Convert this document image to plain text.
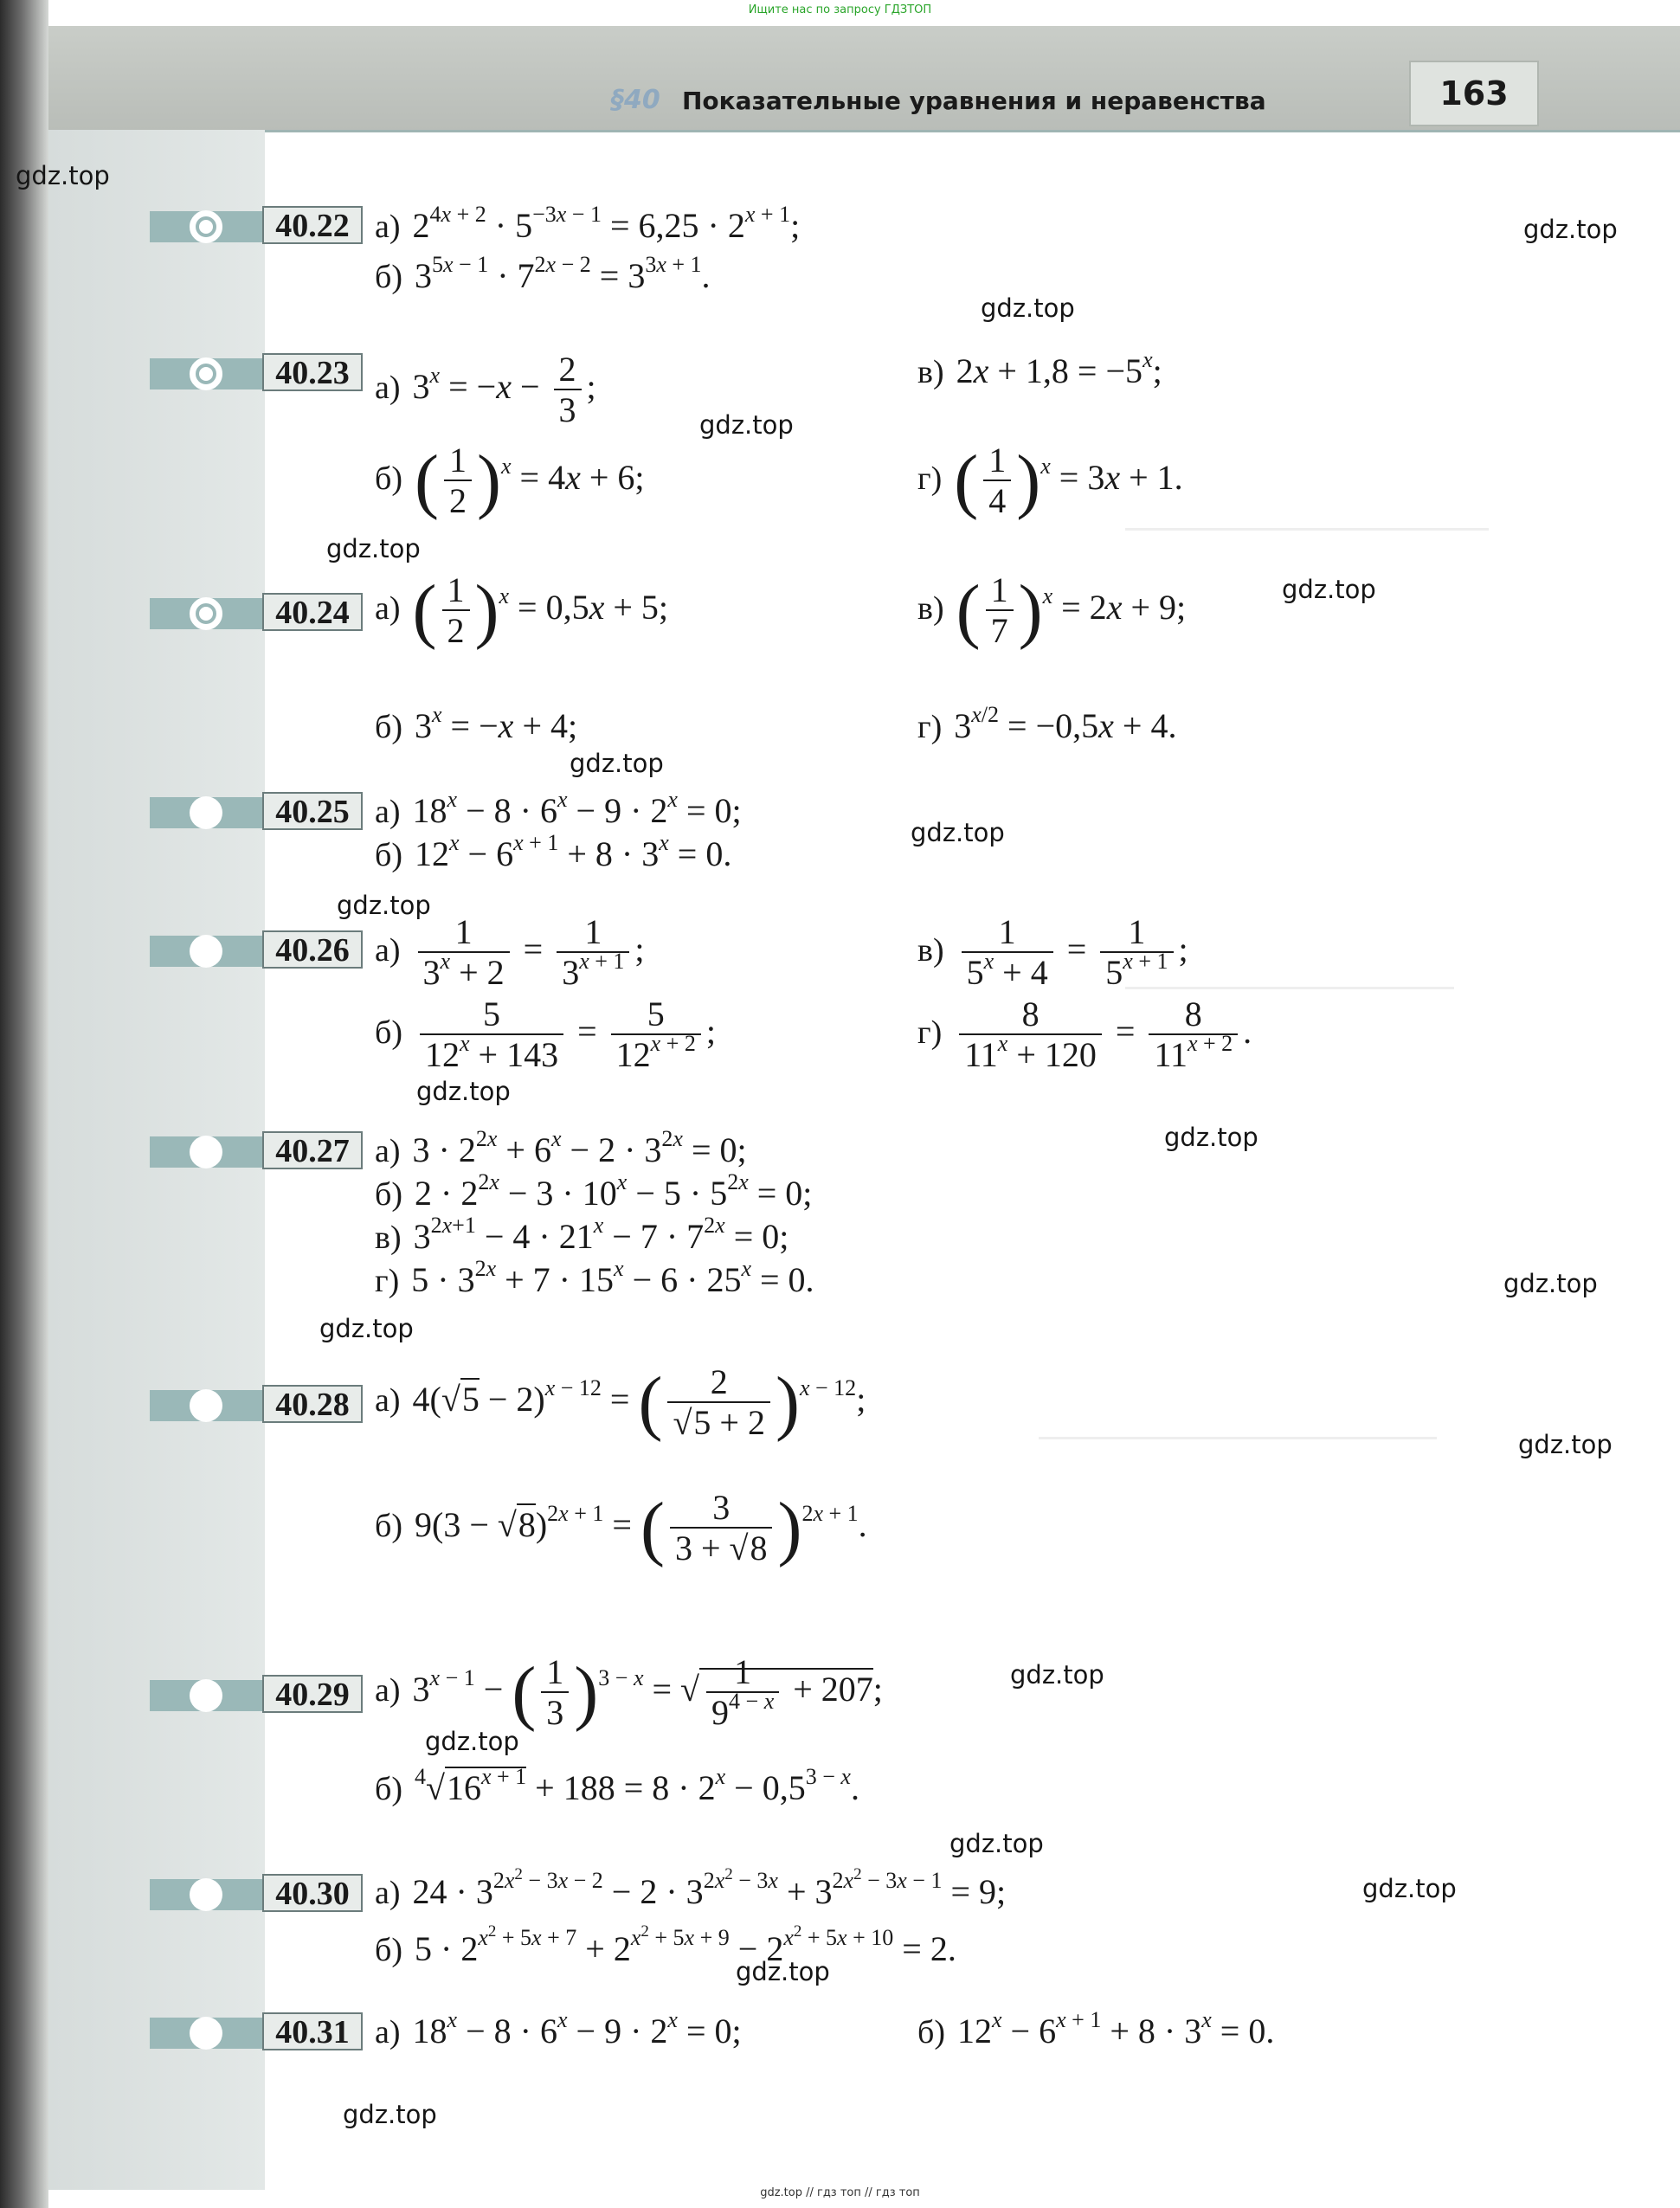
Ищите нас по запросу ГДЗТОП
§40 Показательные уравнения и неравенства	163
gdz.top
gdz.top
gdz.top
gdz.top
gdz.top
gdz.top
gdz.top
gdz.top
gdz.top
gdz.top
gdz.top
gdz.top
gdz.top
gdz.top
gdz.top
gdz.top
gdz.top
gdz.top
gdz.top
gdz.top
40.22 а) $2^{4x + 2} \cdot 5^{-3x - 1} = 6,25 \cdot 2^{x + 1}$;
б) $3^{5x - 1} \cdot 7^{2x - 2} = 3^{3x + 1}$.
40.23 а) $3^x = -x - \frac{2}{3}$ ;	в) $2x + 1,8 = -5^x$;
б) ( $\frac{1}{2} )^x = 4x + 6$;	г) ( $\frac{1}{4} )^x = 3x + 1$.
40.24 а) ( $\frac{1}{2} )^x = 0,5x + 5$;	в) ( $\frac{1}{7} )^x = 2x + 9$;
б) $3^x = -x + 4$;	г) $3^{x/2} = -0,5x + 4$.
40.25 а) $18^x - 8 \cdot 6^x - 9 \cdot 2^x = 0$;
б) $12^x - 6^{x + 1} + 8 \cdot 3^x = 0$.
40.26 $а) \frac{1}{3^x + 2} = \frac{1}{3^{x + 1}}$ ;	$в) \frac{1}{5^x + 4} = \frac{1}{5^{x + 1}}$ ;
$б) \frac{5}{12^x + 143} = \frac{5}{12^{x + 2}}$ ;	$г) \frac{8}{11^x + 120} = \frac{8}{11^{x + 2}}$ .
40.27 а) $3 \cdot 2^{2x} + 6^x - 2 \cdot 3^{2x} = 0$;
б) $2 \cdot 2^{2x} - 3 \cdot 10^x - 5 \cdot 5^{2x} = 0$;
в) $3^{2x+1} - 4 \cdot 21^x - 7 \cdot 7^{2x} = 0$;
г) $5 \cdot 3^{2x} + 7 \cdot 15^x - 6 \cdot 25^x = 0$.
40.28 а) $4(√5 - 2)^{x - 12}$ = ( $\frac{2}{√5 + 2} )^{x - 12}$;
б) $9(3 - √8)^{2x + 1}$ = ( $\frac{3}{3 + √8} )^{2x + 1}$.
40.29 а) $3^{x - 1}$ − ( $\frac{1}{3} )^{3 - x}$ = √ $\frac{1}{9^{4 - x}} + 207$;
б) $^4√16^{x + 1} + 188 = 8 \cdot 2^x - 0,5^{3 - x}$.
40.30 а) $24 \cdot 3^{2x^2 - 3x - 2} - 2 \cdot 3^{2x^2 - 3x} + 3^{2x^2 - 3x - 1} = 9$;
б) $5 \cdot 2^{x^2 + 5x + 7} + 2^{x^2 + 5x + 9} - 2^{x^2 + 5x + 10} = 2$.
40.31 а) $18^x - 8 \cdot 6^x - 9 \cdot 2^x = 0$;	б) $12^x - 6^{x + 1} + 8 \cdot 3^x = 0$.
gdz.top // гдз топ // гдз топ
